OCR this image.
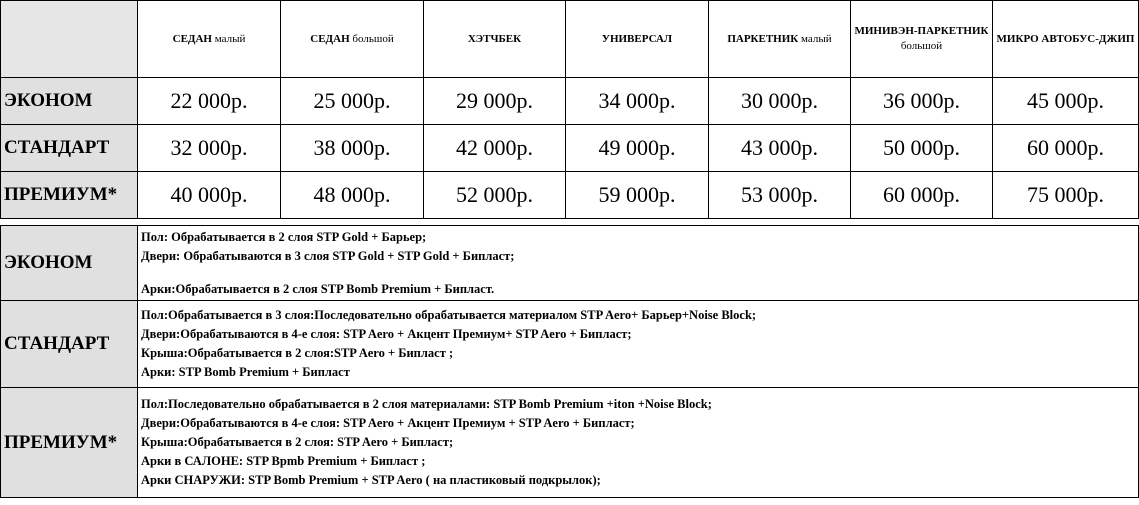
	СЕДАН малый	СЕДАН большой	ХЭТЧБЕК	УНИВЕРСАЛ	ПАРКЕТНИК малый	МИНИВЭН-ПАРКЕТНИК большой	МИКРО АВТОБУС-ДЖИП
ЭКОНОМ	22 000р.	25 000р.	29 000р.	34 000р.	30 000р.	36 000р.	45 000р.
СТАНДАРТ	32 000р.	38 000р.	42 000р.	49 000р.	43 000р.	50 000р.	60 000р.
ПРЕМИУМ*	40 000р.	48 000р.	52 000р.	59 000р.	53 000р.	60 000р.	75 000р.
ЭКОНОМ	Пол: Обрабатывается в 2 слоя STP Gold + Барьер;
Двери: Обрабатываются в 3 слоя STP Gold + STP Gold + Бипласт;
Арки:Обрабатывается в 2 слоя STP Bomb Premium + Бипласт.

СТАНДАРТ	Пол:Обрабатывается в 3 слоя:Последовательно обрабатывается материалом STP Aero+ Барьер+Noise Block;
Двери:Обрабатываются в 4-е слоя: STP Aero + Акцент Премиум+ STP Aero + Бипласт;
Крыша:Обрабатывается в 2 слоя:STP Aero + Бипласт ;
Арки: STP Bomb Premium + Бипласт

ПРЕМИУМ*	Пол:Последовательно обрабатывается в 2 слоя материалами: STP Bomb Premium +iton +Noise Block;
Двери:Обрабатываются в 4-е слоя: STP Aero + Акцент Премиум + STP Aero + Бипласт;
Крыша:Обрабатывается в 2 слоя: STP Aero + Бипласт;
Арки в САЛОНЕ: STP Bpmb Premium + Бипласт ;
Арки СНАРУЖИ: STP Bomb Premium + STP Aero ( на пластиковый подкрылок);
